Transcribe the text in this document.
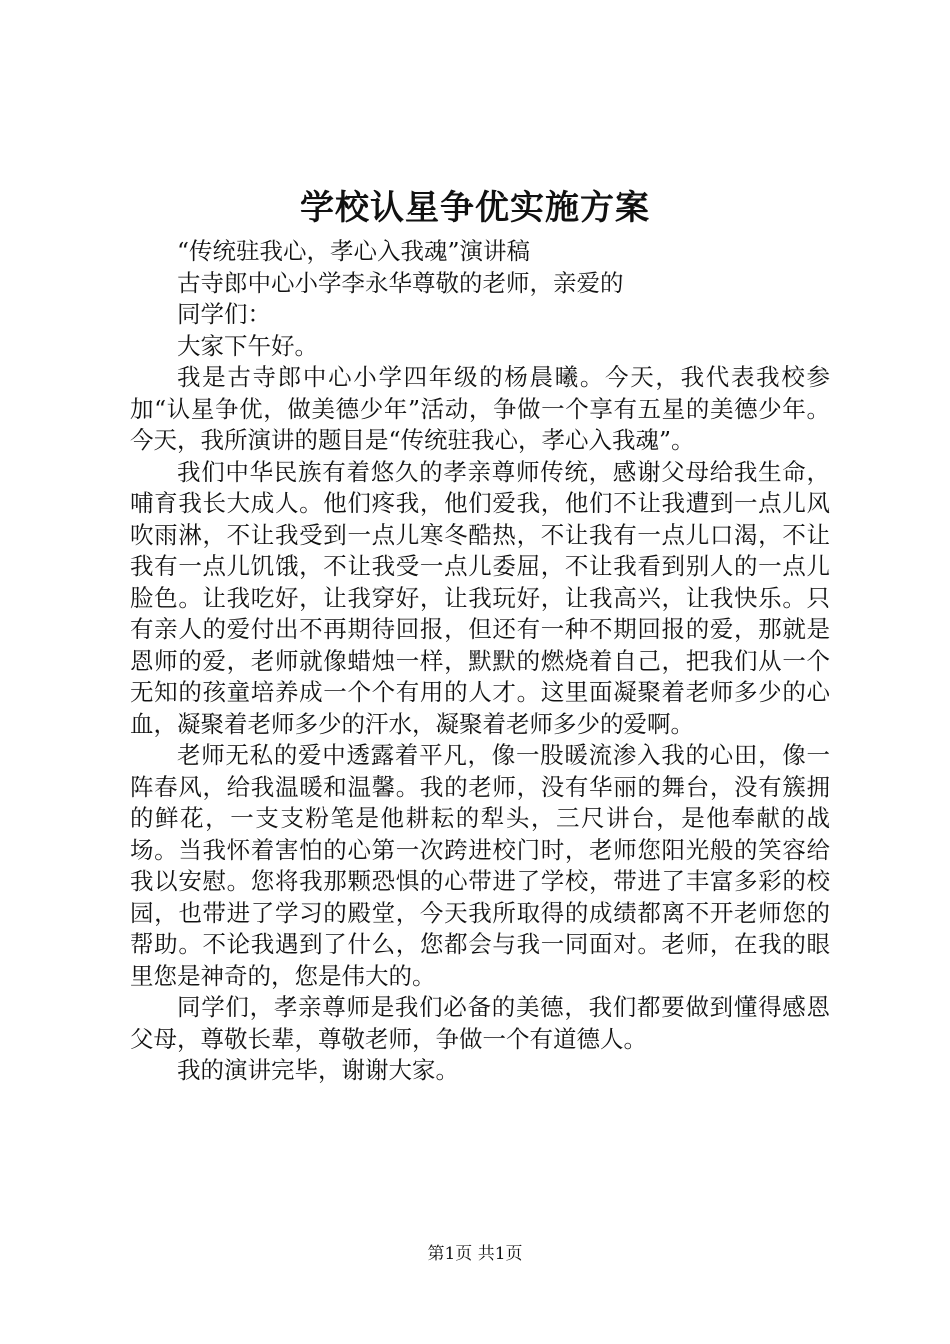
学校认星争优实施方案

“传统驻我心，孝心入我魂”演讲稿

古寺郎中心小学李永华尊敬的老师，亲爱的

同学们：

大家下午好。

我是古寺郎中心小学四年级的杨晨曦。今天，我代表我校参加“认星争优，做美德少年”活动，争做一个享有五星的美德少年。今天，我所演讲的题目是“传统驻我心，孝心入我魂”。

我们中华民族有着悠久的孝亲尊师传统，感谢父母给我生命，哺育我长大成人。他们疼我，他们爱我，他们不让我遭到一点儿风吹雨淋，不让我受到一点儿寒冬酷热，不让我有一点儿口渴，不让我有一点儿饥饿，不让我受一点儿委屈，不让我看到别人的一点儿脸色。让我吃好，让我穿好，让我玩好，让我高兴，让我快乐。只有亲人的爱付出不再期待回报，但还有一种不期回报的爱，那就是恩师的爱，老师就像蜡烛一样，默默的燃烧着自己，把我们从一个无知的孩童培养成一个个有用的人才。这里面凝聚着老师多少的心血，凝聚着老师多少的汗水，凝聚着老师多少的爱啊。

老师无私的爱中透露着平凡，像一股暖流渗入我的心田，像一阵春风，给我温暖和温馨。我的老师，没有华丽的舞台，没有簇拥的鲜花，一支支粉笔是他耕耘的犁头，三尺讲台，是他奉献的战场。当我怀着害怕的心第一次跨进校门时，老师您阳光般的笑容给我以安慰。您将我那颗恐惧的心带进了学校，带进了丰富多彩的校园，也带进了学习的殿堂，今天我所取得的成绩都离不开老师您的帮助。不论我遇到了什么，您都会与我一同面对。老师，在我的眼里您是神奇的，您是伟大的。

同学们，孝亲尊师是我们必备的美德，我们都要做到懂得感恩父母，尊敬长辈，尊敬老师，争做一个有道德人。

我的演讲完毕，谢谢大家。

第1页 共1页
